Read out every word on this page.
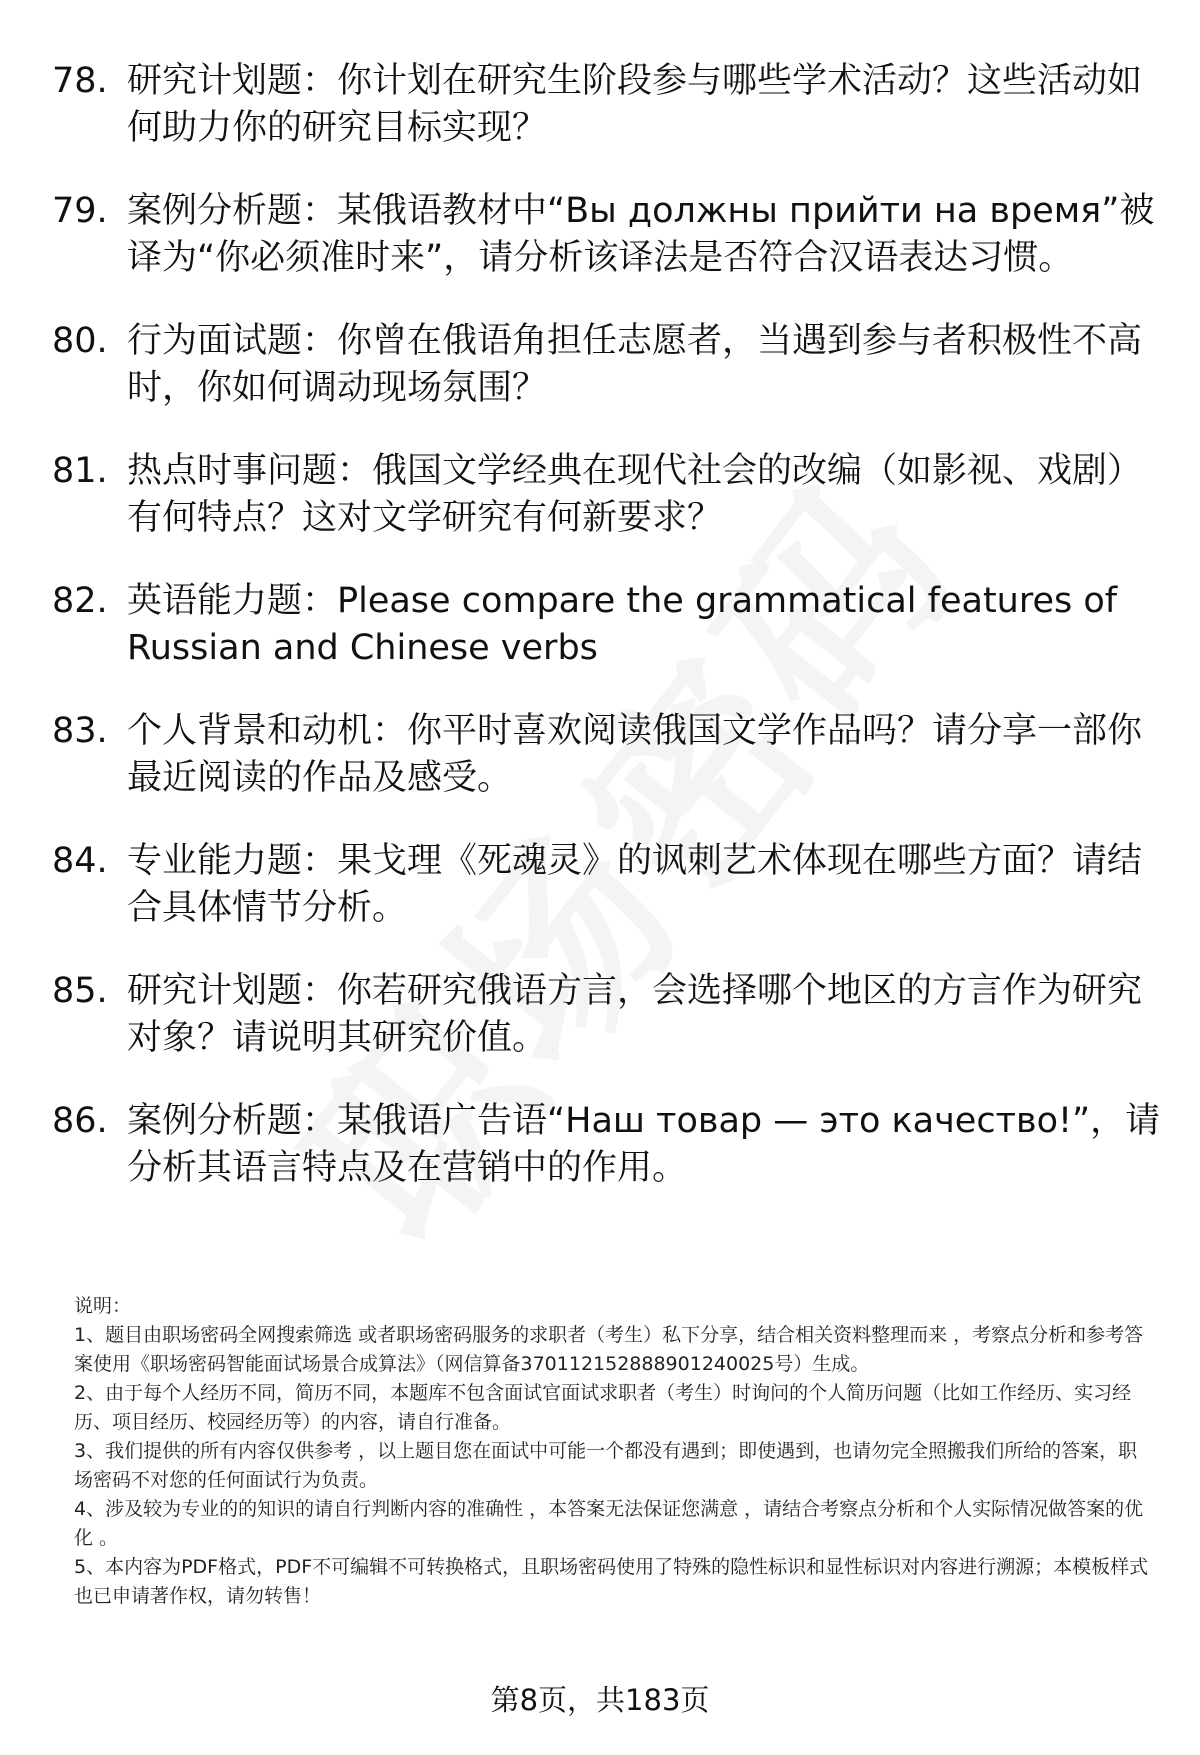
78. 研究计划题：你计划在研究生阶段参与哪些学术活动？这些活动如何助力你的研究目标实现？
79. 案例分析题：某俄语教材中“Вы должны прийти на время”被译为“你必须准时来”，请分析该译法是否符合汉语表达习惯。
80. 行为面试题：你曾在俄语角担任志愿者，当遇到参与者积极性不高时，你如何调动现场氛围？
81. 热点时事问题：俄国文学经典在现代社会的改编（如影视、戏剧）有何特点？这对文学研究有何新要求？
82. 英语能力题：Please compare the grammatical features of Russian and Chinese verbs
83. 个人背景和动机：你平时喜欢阅读俄国文学作品吗？请分享一部你最近阅读的作品及感受。
84. 专业能力题：果戈理《死魂灵》的讽刺艺术体现在哪些方面？请结合具体情节分析。
85. 研究计划题：你若研究俄语方言，会选择哪个地区的方言作为研究对象？请说明其研究价值。
86. 案例分析题：某俄语广告语“Наш товар — это качество!”，请分析其语言特点及在营销中的作用。

说明：

1、题目由职场密码全网搜索筛选 或者职场密码服务的求职者（考生）私下分享，结合相关资料整理而来 ，考察点分析和参考答案使用《职场密码智能面试场景合成算法》（网信算备370112152888901240025号）生成。

2、由于每个人经历不同，简历不同，本题库不包含面试官面试求职者（考生）时询问的个人简历问题（比如工作经历、实习经历、项目经历、校园经历等）的内容，请自行准备。

3、我们提供的所有内容仅供参考 ，以上题目您在面试中可能一个都没有遇到；即使遇到，也请勿完全照搬我们所给的答案，职场密码不对您的任何面试行为负责。

4、涉及较为专业的的知识的请自行判断内容的准确性 ，本答案无法保证您满意 ，请结合考察点分析和个人实际情况做答案的优化 。

5、本内容为PDF格式，PDF不可编辑不可转换格式，且职场密码使用了特殊的隐性标识和显性标识对内容进行溯源；本模板样式也已申请著作权，请勿转售！

第8页，共183页
